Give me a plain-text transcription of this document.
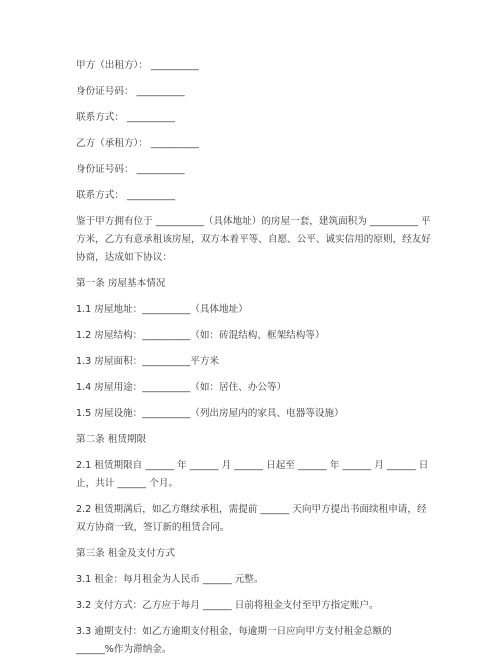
甲方（出租方）： __________
身份证号码： __________
联系方式： __________
乙方（承租方）： __________
身份证号码： __________
联系方式： __________
鉴于甲方拥有位于 __________（具体地址）的房屋一套，建筑面积为 __________ 平方米，乙方有意承租该房屋，双方本着平等、自愿、公平、诚实信用的原则，经友好协商，达成如下协议：
第一条 房屋基本情况
1.1 房屋地址：__________（具体地址）
1.2 房屋结构：__________（如：砖混结构、框架结构等）
1.3 房屋面积：__________平方米
1.4 房屋用途：__________（如：居住、办公等）
1.5 房屋设施：__________（列出房屋内的家具、电器等设施）
第二条 租赁期限
2.1 租赁期限自 ______ 年 ______ 月 ______ 日起至 ______ 年 ______ 月 ______ 日止，共计 ______ 个月。
2.2 租赁期满后，如乙方继续承租，需提前 ______ 天向甲方提出书面续租申请，经双方协商一致，签订新的租赁合同。
第三条 租金及支付方式
3.1 租金：每月租金为人民币 ______ 元整。
3.2 支付方式：乙方应于每月 ______ 日前将租金支付至甲方指定账户。
3.3 逾期支付：如乙方逾期支付租金，每逾期一日应向甲方支付租金总额的 ______%作为滞纳金。
